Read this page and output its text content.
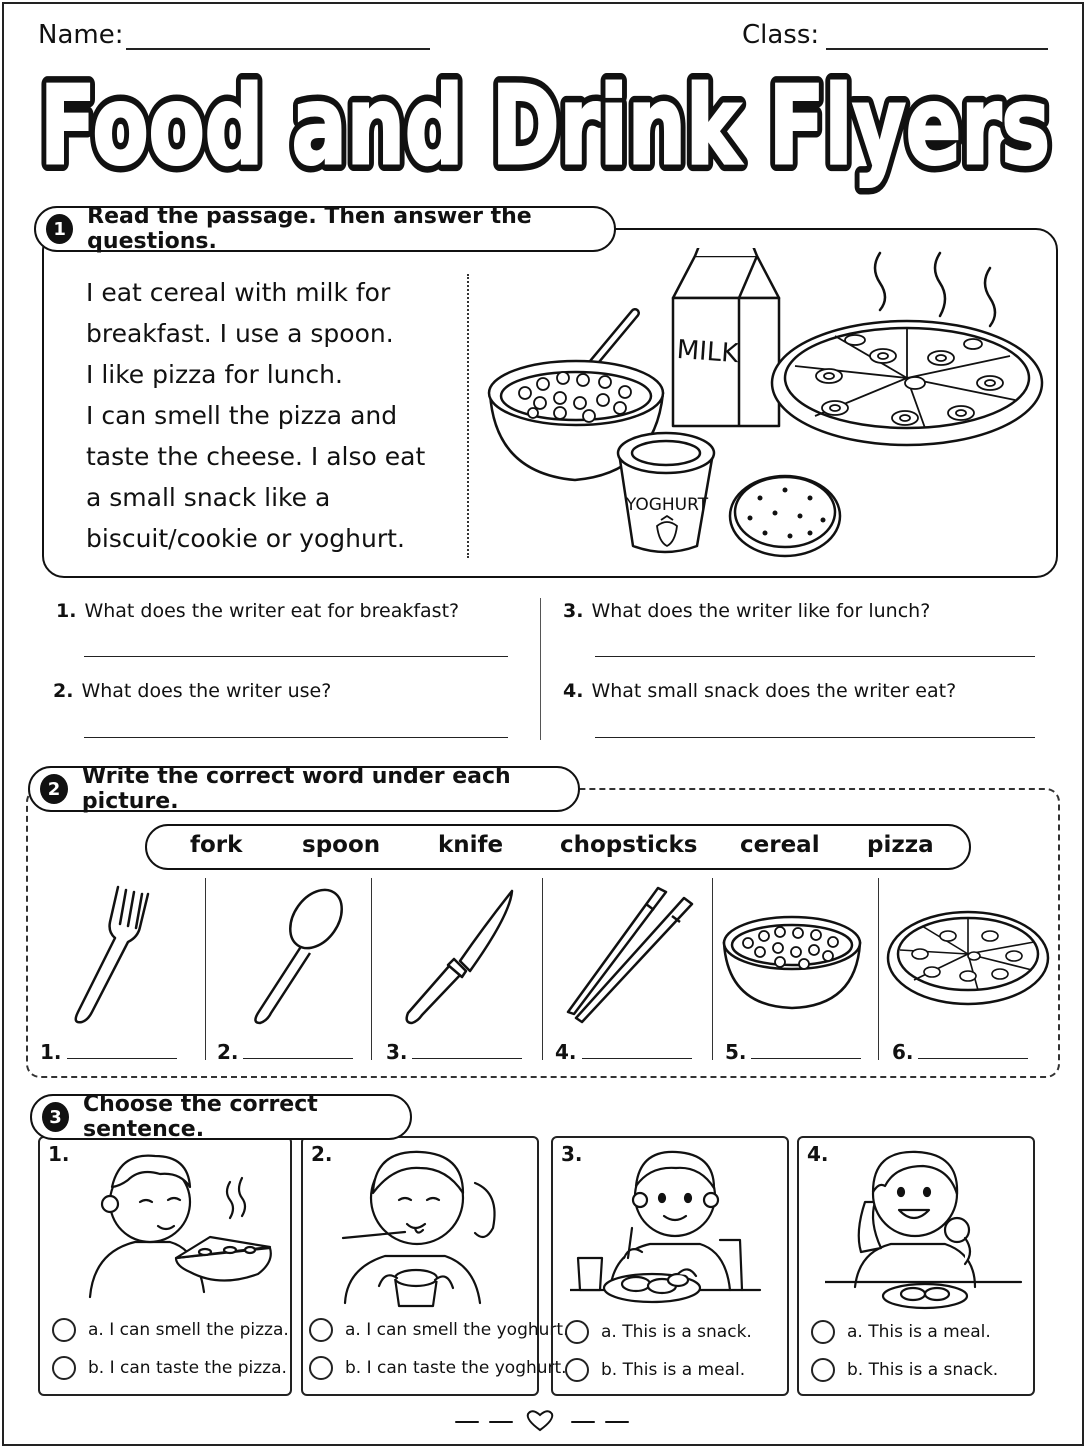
Name:	Class:
Food and Drink Flyers
Food and Drink Flyers
1 Read the passage. Then answer the questions.
I eat cereal with milk for
breakfast. I use a spoon.
I like pizza for lunch.
I can smell the pizza and
taste the cheese. I also eat
a small snack like a
biscuit/cookie or yoghurt.
MILK
YOGHURT
1. What does the writer eat for breakfast?
2. What does the writer use?
3. What does the writer like for lunch?
4. What small snack does the writer eat?
2 Write the correct word under each picture.
fork	spoon	knife chopsticks cereal pizza
1.	2.	3.	4.	5.	6.
3 Choose the correct sentence.
1.
a. I can smell the pizza.
b. I can taste the pizza.
2.
a. I can smell the yoghurt.
b. I can taste the yoghurt.
3.
a. This is a snack.
b. This is a meal.
4.
a. This is a meal.
b. This is a snack.
